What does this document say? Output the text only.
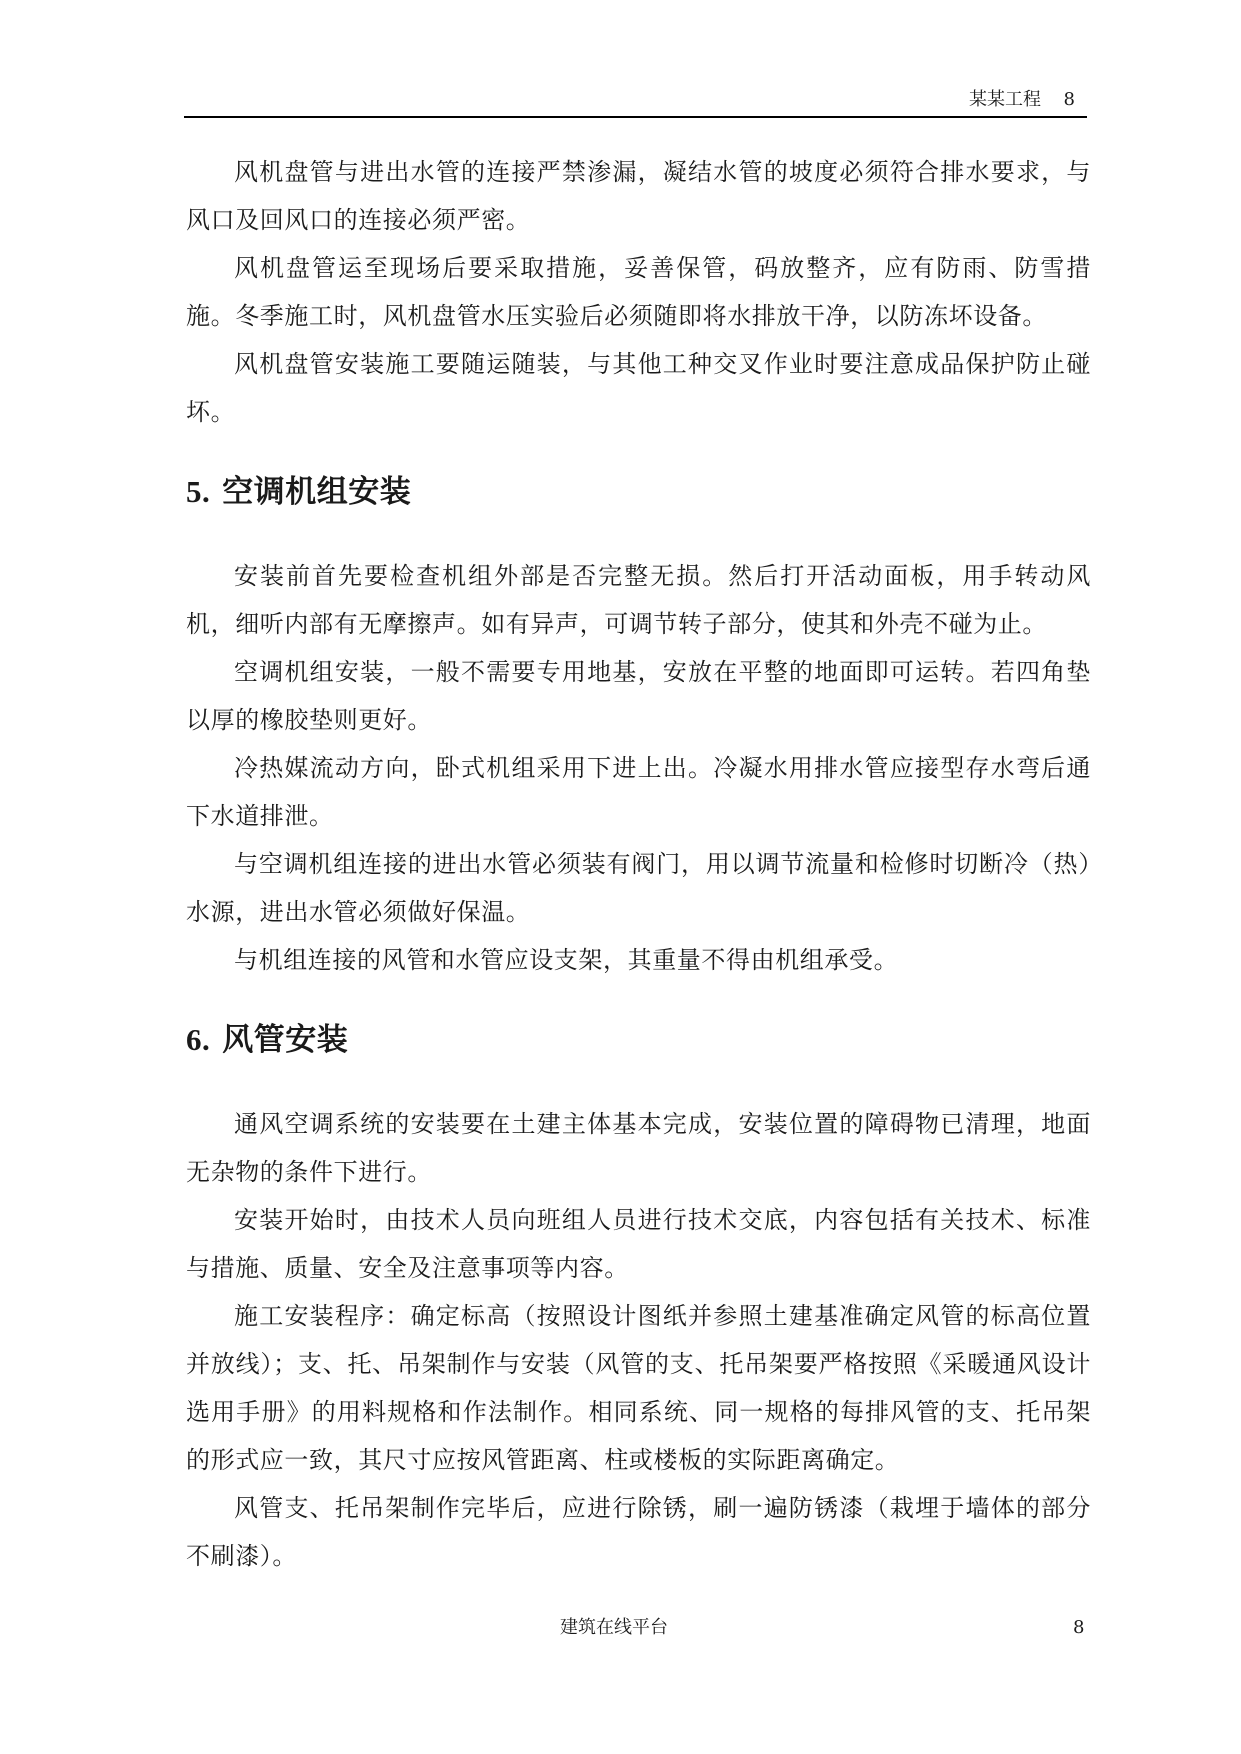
某某工程 8

风机盘管与进出水管的连接严禁渗漏，凝结水管的坡度必须符合排水要求，与风口及回风口的连接必须严密。

风机盘管运至现场后要采取措施，妥善保管，码放整齐，应有防雨、防雪措施。冬季施工时，风机盘管水压实验后必须随即将水排放干净，以防冻坏设备。

风机盘管安装施工要随运随装，与其他工种交叉作业时要注意成品保护防止碰坏。

5. 空调机组安装

安装前首先要检查机组外部是否完整无损。然后打开活动面板，用手转动风机，细听内部有无摩擦声。如有异声，可调节转子部分，使其和外壳不碰为止。

空调机组安装，一般不需要专用地基，安放在平整的地面即可运转。若四角垫以厚的橡胶垫则更好。

冷热媒流动方向，卧式机组采用下进上出。冷凝水用排水管应接型存水弯后通下水道排泄。

与空调机组连接的进出水管必须装有阀门，用以调节流量和检修时切断冷（热）水源，进出水管必须做好保温。

与机组连接的风管和水管应设支架，其重量不得由机组承受。

6. 风管安装

通风空调系统的安装要在土建主体基本完成，安装位置的障碍物已清理，地面无杂物的条件下进行。

安装开始时，由技术人员向班组人员进行技术交底，内容包括有关技术、标准与措施、质量、安全及注意事项等内容。

施工安装程序：确定标高（按照设计图纸并参照土建基准确定风管的标高位置并放线）；支、托、吊架制作与安装（风管的支、托吊架要严格按照《采暖通风设计选用手册》的用料规格和作法制作。相同系统、同一规格的每排风管的支、托吊架的形式应一致，其尺寸应按风管距离、柱或楼板的实际距离确定。

风管支、托吊架制作完毕后，应进行除锈，刷一遍防锈漆（栽埋于墙体的部分不刷漆）。

建筑在线平台	8
